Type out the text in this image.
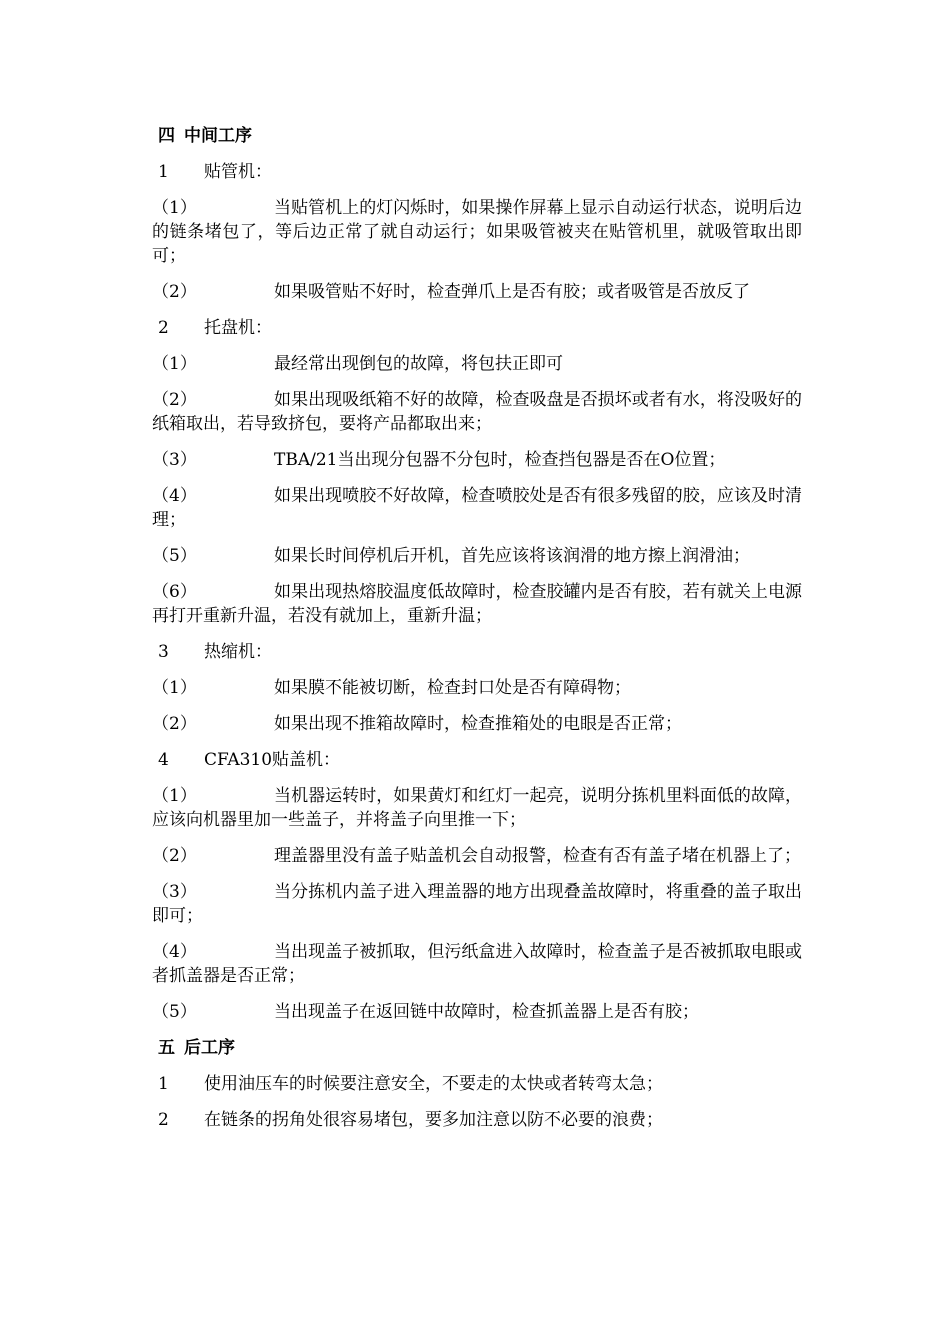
四 中间工序
1 贴管机：
（1）	当贴管机上的灯闪烁时，如果操作屏幕上显示自动运行状态，说明后边的链条堵包了，等后边正常了就自动运行；如果吸管被夹在贴管机里，就吸管取出即可；
（2）	如果吸管贴不好时，检查弹爪上是否有胶；或者吸管是否放反了
2 托盘机：
（1）	最经常出现倒包的故障，将包扶正即可
（2）	如果出现吸纸箱不好的故障，检查吸盘是否损坏或者有水，将没吸好的纸箱取出，若导致挤包，要将产品都取出来；
（3）	TBA/21当出现分包器不分包时，检查挡包器是否在O位置；
（4）	如果出现喷胶不好故障，检查喷胶处是否有很多残留的胶，应该及时清理；
（5）	如果长时间停机后开机，首先应该将该润滑的地方擦上润滑油；
（6）	如果出现热熔胶温度低故障时，检查胶罐内是否有胶，若有就关上电源再打开重新升温，若没有就加上，重新升温；
3 热缩机：
（1）	如果膜不能被切断，检查封口处是否有障碍物；
（2）	如果出现不推箱故障时，检查推箱处的电眼是否正常；
4 CFA310贴盖机：
（1）	当机器运转时，如果黄灯和红灯一起亮，说明分拣机里料面低的故障，应该向机器里加一些盖子，并将盖子向里推一下；
（2）	理盖器里没有盖子贴盖机会自动报警，检查有否有盖子堵在机器上了；
（3）	当分拣机内盖子进入理盖器的地方出现叠盖故障时，将重叠的盖子取出即可；
（4）	当出现盖子被抓取，但污纸盒进入故障时，检查盖子是否被抓取电眼或者抓盖器是否正常；
（5）	当出现盖子在返回链中故障时，检查抓盖器上是否有胶；
五 后工序
1 使用油压车的时候要注意安全，不要走的太快或者转弯太急；
2 在链条的拐角处很容易堵包，要多加注意以防不必要的浪费；
